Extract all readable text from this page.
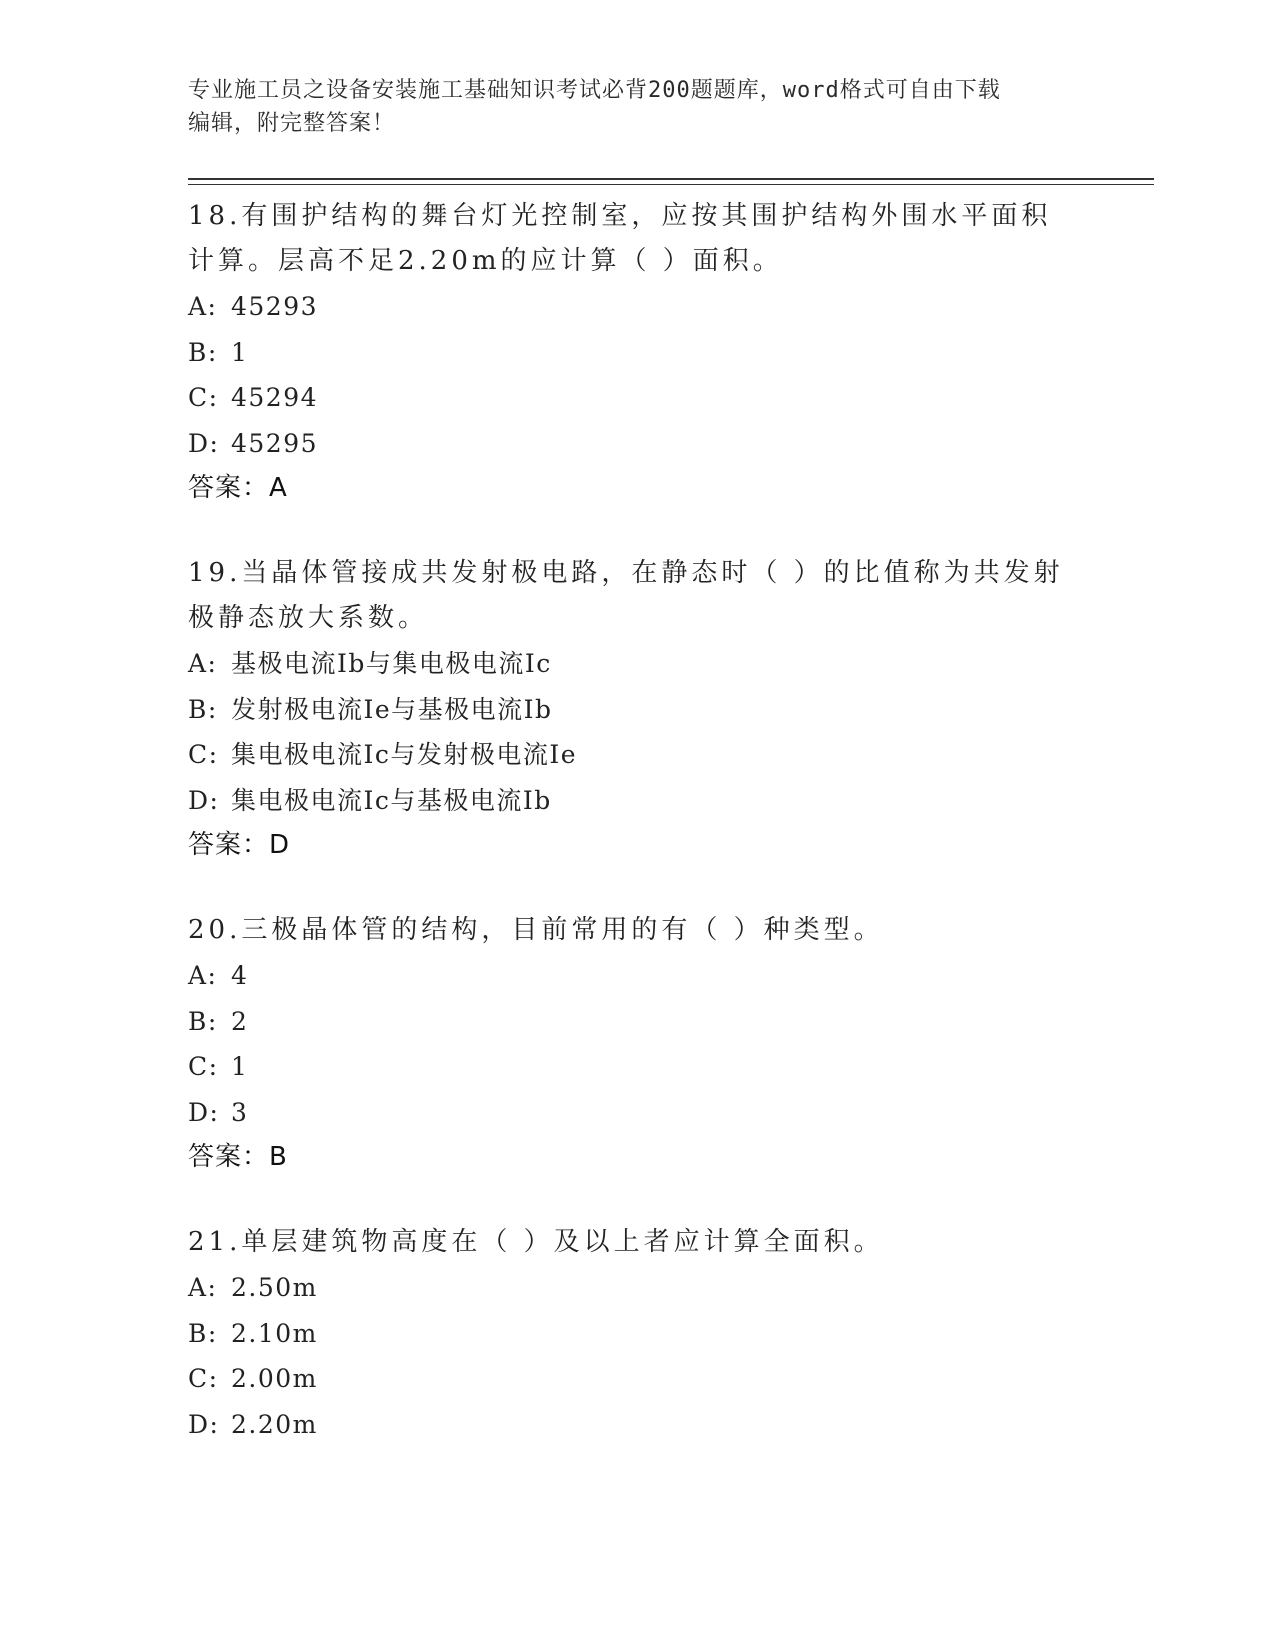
专业施工员之设备安装施工基础知识考试必背200题题库，word格式可自由下载
编辑，附完整答案！

18.有围护结构的舞台灯光控制室，应按其围护结构外围水平面积计算。层高不足2.20m的应计算（ ）面积。

A: 45293

B: 1

C: 45294

D: 45295

答案：A

19.当晶体管接成共发射极电路，在静态时（ ）的比值称为共发射极静态放大系数。

A: 基极电流Ib与集电极电流Ic

B: 发射极电流Ie与基极电流Ib

C: 集电极电流Ic与发射极电流Ie

D: 集电极电流Ic与基极电流Ib

答案：D

20.三极晶体管的结构，目前常用的有（ ）种类型。

A: 4

B: 2

C: 1

D: 3

答案：B

21.单层建筑物高度在（ ）及以上者应计算全面积。

A: 2.50m

B: 2.10m

C: 2.00m

D: 2.20m
